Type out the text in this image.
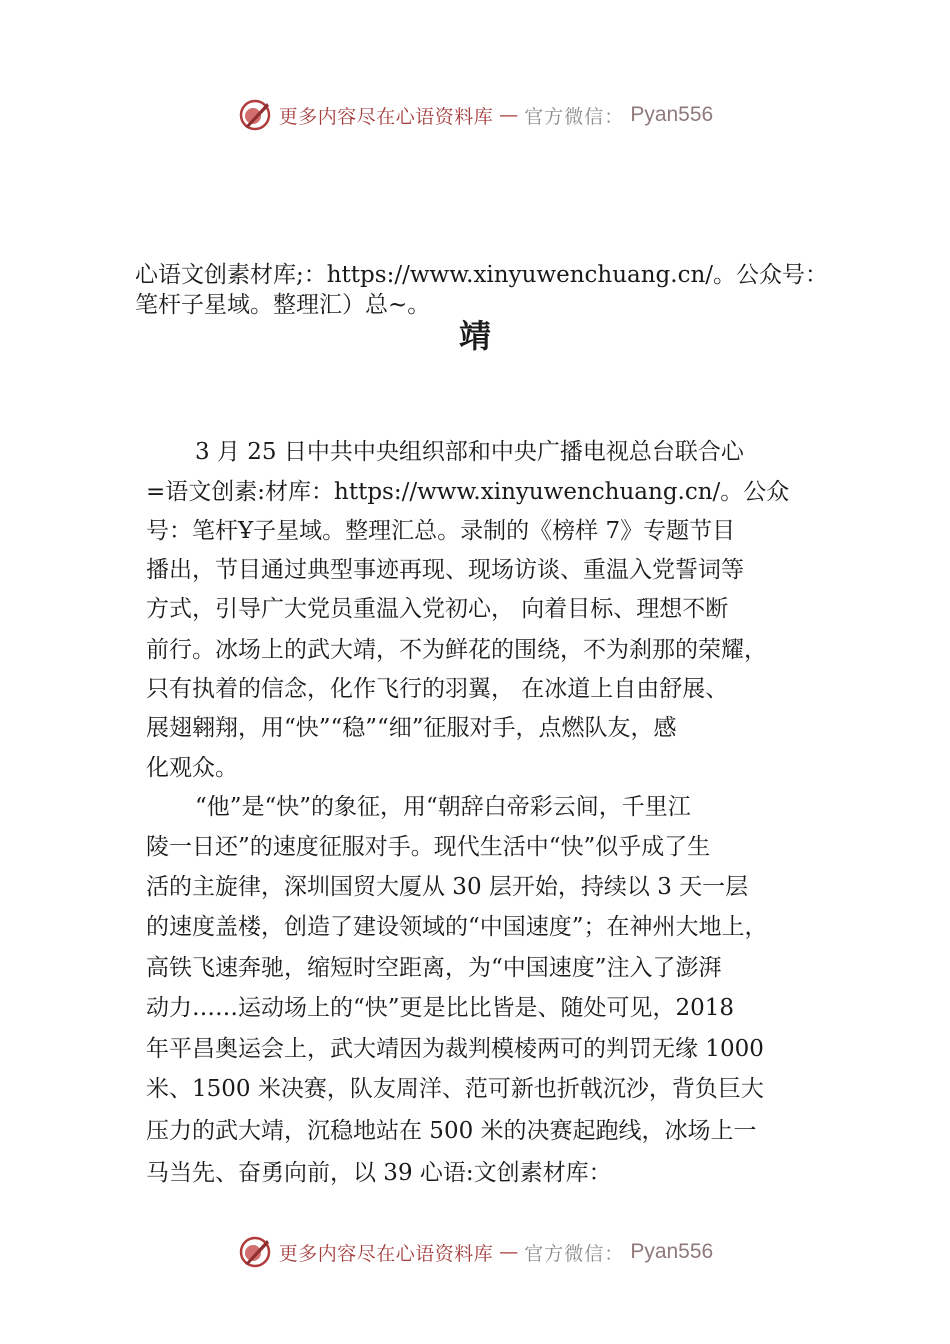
更多内容尽在心语资料库 — 官方微信： Pyan556
心语文创素材库;：https://www.xinyuwenchuang.cn/。公众号：
笔杆子星域。整理汇）总~。
靖
3 月 25 日中共中央组织部和中央广播电视总台联合心
=语文创素:材库：https://www.xinyuwenchuang.cn/。公众
号：笔杆Ұ子星域。整理汇总。录制的《榜样 7》专题节目
播出，节目通过典型事迹再现、现场访谈、重温入党誓词等
方式，引导广大党员重温入党初心， 向着目标、理想不断
前行。冰场上的武大靖，不为鲜花的围绕，不为刹那的荣耀，
只有执着的信念，化作飞行的羽翼， 在冰道上自由舒展、
展翅翱翔，用“快”“稳”“细”征服对手，点燃队友，感
化观众。
“他”是“快”的象征，用“朝辞白帝彩云间，千里江
陵一日还”的速度征服对手。现代生活中“快”似乎成了生
活的主旋律，深圳国贸大厦从 30 层开始，持续以 3 天一层
的速度盖楼，创造了建设领域的“中国速度”；在神州大地上，
高铁飞速奔驰，缩短时空距离，为“中国速度”注入了澎湃
动力……运动场上的“快”更是比比皆是、随处可见，2018
年平昌奥运会上，武大靖因为裁判模棱两可的判罚无缘 1000
米、1500 米决赛，队友周洋、范可新也折戟沉沙，背负巨大
压力的武大靖，沉稳地站在 500 米的决赛起跑线，冰场上一
马当先、奋勇向前，以 39 心语:文创素材库：
更多内容尽在心语资料库 — 官方微信： Pyan556
